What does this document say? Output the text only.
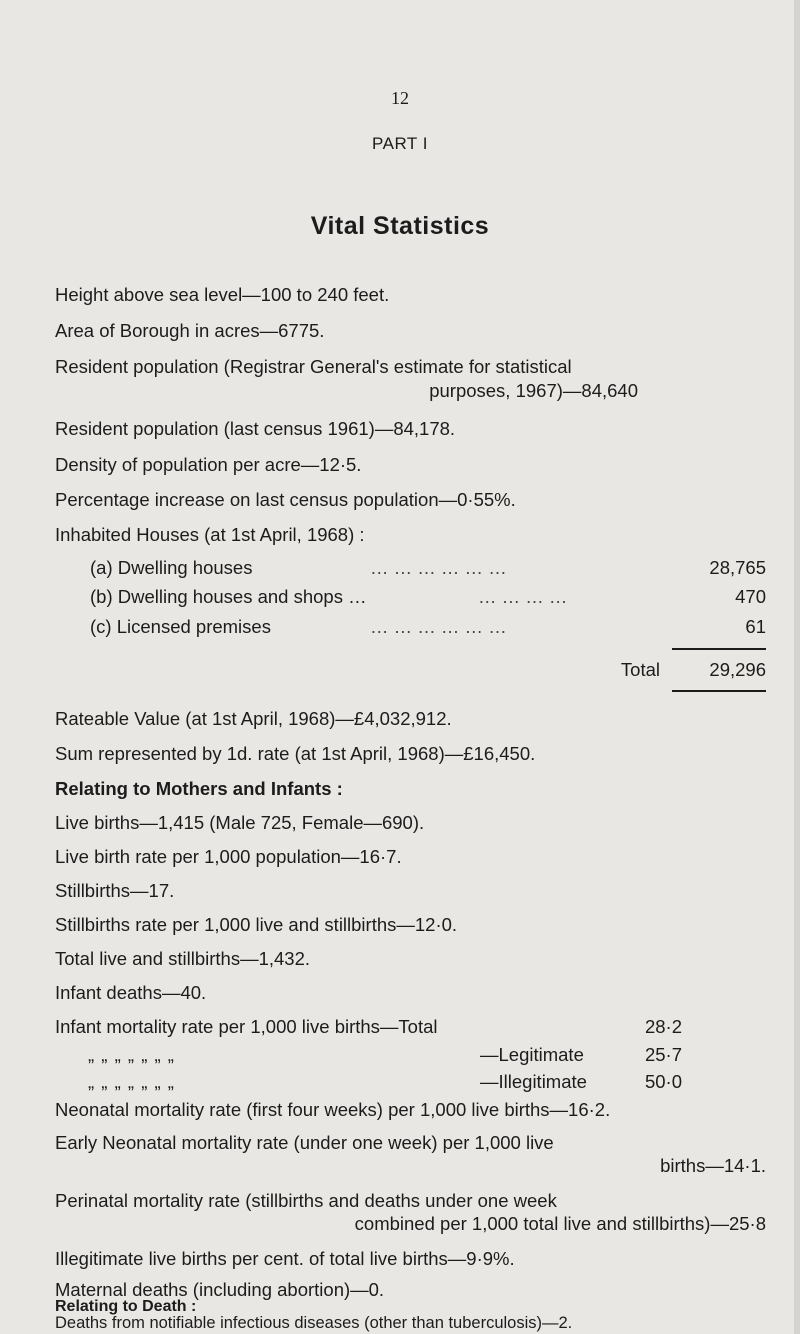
12
PART I
Vital Statistics
Height above sea level—100 to 240 feet.
Area of Borough in acres—6775.
Resident population (Registrar General's estimate for statistical
purposes, 1967)—84,640
Resident population (last census 1961)—84,178.
Density of population per acre—12·5.
Percentage increase on last census population—0·55%.
Inhabited Houses (at 1st April, 1968) :
(a) Dwelling houses	… … … … … …	28,765
(b) Dwelling houses and shops …	… … … …	470
(c) Licensed premises	… … … … … …	61
Total	29,296
Rateable Value (at 1st April, 1968)—£4,032,912.
Sum represented by 1d. rate (at 1st April, 1968)—£16,450.
Relating to Mothers and Infants :
Live births—1,415 (Male 725, Female—690).
Live birth rate per 1,000 population—16·7.
Stillbirths—17.
Stillbirths rate per 1,000 live and stillbirths—12·0.
Total live and stillbirths—1,432.
Infant deaths—40.
Infant mortality rate per 1,000 live births—Total	28·2
„ „ „ „ „ „ „	—Legitimate	25·7
„ „ „ „ „ „ „	—Illegitimate	50·0
Neonatal mortality rate (first four weeks) per 1,000 live births—16·2.
Early Neonatal mortality rate (under one week) per 1,000 live
births—14·1.
Perinatal mortality rate (stillbirths and deaths under one week
combined per 1,000 total live and stillbirths)—25·8
Illegitimate live births per cent. of total live births—9·9%.
Maternal deaths (including abortion)—0.
Relating to Death :
Deaths from notifiable infectious diseases (other than tuberculosis)—2.
